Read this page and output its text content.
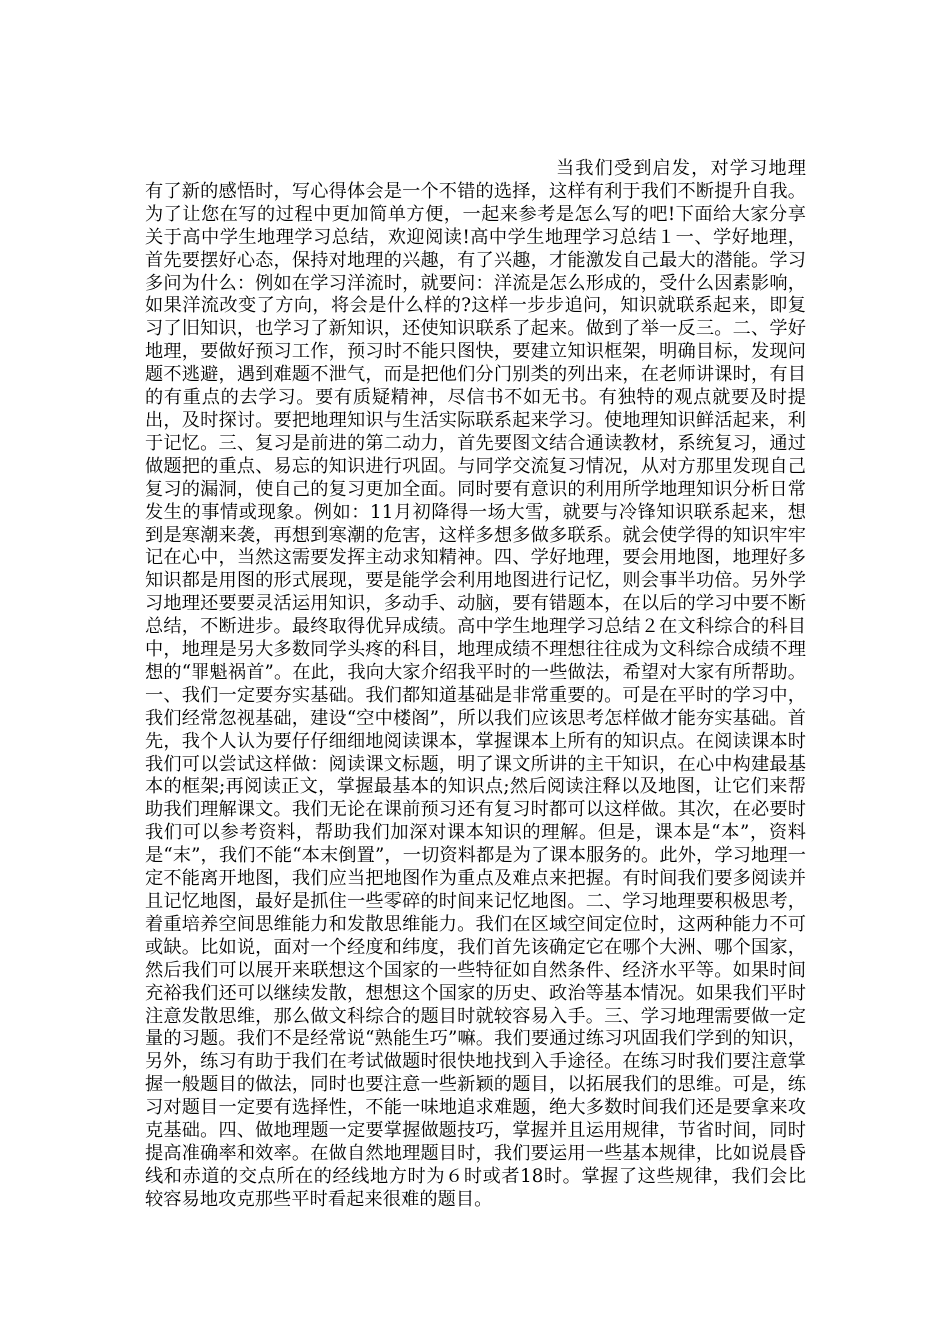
当我们受到启发，对学习地理有了新的感悟时，写心得体会是一个不错的选择，这样有利于我们不断提升自我。为了让您在写的过程中更加简单方便，一起来参考是怎么写的吧!下面给大家分享关于高中学生地理学习总结，欢迎阅读!高中学生地理学习总结１一、学好地理，首先要摆好心态，保持对地理的兴趣，有了兴趣，才能激发自己最大的潜能。学习多问为什么：例如在学习洋流时，就要问：洋流是怎么形成的，受什么因素影响，如果洋流改变了方向，将会是什么样的?这样一步步追问，知识就联系起来，即复习了旧知识，也学习了新知识，还使知识联系了起来。做到了举一反三。二、学好地理，要做好预习工作，预习时不能只图快，要建立知识框架，明确目标，发现问题不逃避，遇到难题不泄气，而是把他们分门别类的列出来，在老师讲课时，有目的有重点的去学习。要有质疑精神，尽信书不如无书。有独特的观点就要及时提出，及时探讨。要把地理知识与生活实际联系起来学习。使地理知识鲜活起来，利于记忆。三、复习是前进的第二动力，首先要图文结合通读教材，系统复习，通过做题把的重点、易忘的知识进行巩固。与同学交流复习情况，从对方那里发现自己复习的漏洞，使自己的复习更加全面。同时要有意识的利用所学地理知识分析日常发生的事情或现象。例如：11月初降得一场大雪，就要与冷锋知识联系起来，想到是寒潮来袭，再想到寒潮的危害，这样多想多做多联系。就会使学得的知识牢牢记在心中，当然这需要发挥主动求知精神。四、学好地理，要会用地图，地理好多知识都是用图的形式展现，要是能学会利用地图进行记忆，则会事半功倍。另外学习地理还要要灵活运用知识，多动手、动脑，要有错题本，在以后的学习中要不断总结，不断进步。最终取得优异成绩。高中学生地理学习总结２在文科综合的科目中，地理是另大多数同学头疼的科目，地理成绩不理想往往成为文科综合成绩不理想的“罪魁祸首”。在此，我向大家介绍我平时的一些做法，希望对大家有所帮助。一、我们一定要夯实基础。我们都知道基础是非常重要的。可是在平时的学习中，我们经常忽视基础，建设“空中楼阁”，所以我们应该思考怎样做才能夯实基础。首先，我个人认为要仔仔细细地阅读课本，掌握课本上所有的知识点。在阅读课本时我们可以尝试这样做：阅读课文标题，明了课文所讲的主干知识，在心中构建最基本的框架;再阅读正文，掌握最基本的知识点;然后阅读注释以及地图，让它们来帮助我们理解课文。我们无论在课前预习还有复习时都可以这样做。其次，在必要时我们可以参考资料，帮助我们加深对课本知识的理解。但是，课本是“本”，资料是“末”，我们不能“本末倒置”，一切资料都是为了课本服务的。此外，学习地理一定不能离开地图，我们应当把地图作为重点及难点来把握。有时间我们要多阅读并且记忆地图，最好是抓住一些零碎的时间来记忆地图。二、学习地理要积极思考，着重培养空间思维能力和发散思维能力。我们在区域空间定位时，这两种能力不可或缺。比如说，面对一个经度和纬度，我们首先该确定它在哪个大洲、哪个国家，然后我们可以展开来联想这个国家的一些特征如自然条件、经济水平等。如果时间充裕我们还可以继续发散，想想这个国家的历史、政治等基本情况。如果我们平时注意发散思维，那么做文科综合的题目时就较容易入手。三、学习地理需要做一定量的习题。我们不是经常说“熟能生巧”嘛。我们要通过练习巩固我们学到的知识，另外，练习有助于我们在考试做题时很快地找到入手途径。在练习时我们要注意掌握一般题目的做法，同时也要注意一些新颖的题目，以拓展我们的思维。可是，练习对题目一定要有选择性，不能一味地追求难题，绝大多数时间我们还是要拿来攻克基础。四、做地理题一定要掌握做题技巧，掌握并且运用规律，节省时间，同时提高准确率和效率。在做自然地理题目时，我们要运用一些基本规律，比如说晨昏线和赤道的交点所在的经线地方时为６时或者18时。掌握了这些规律，我们会比较容易地攻克那些平时看起来很难的题目。
